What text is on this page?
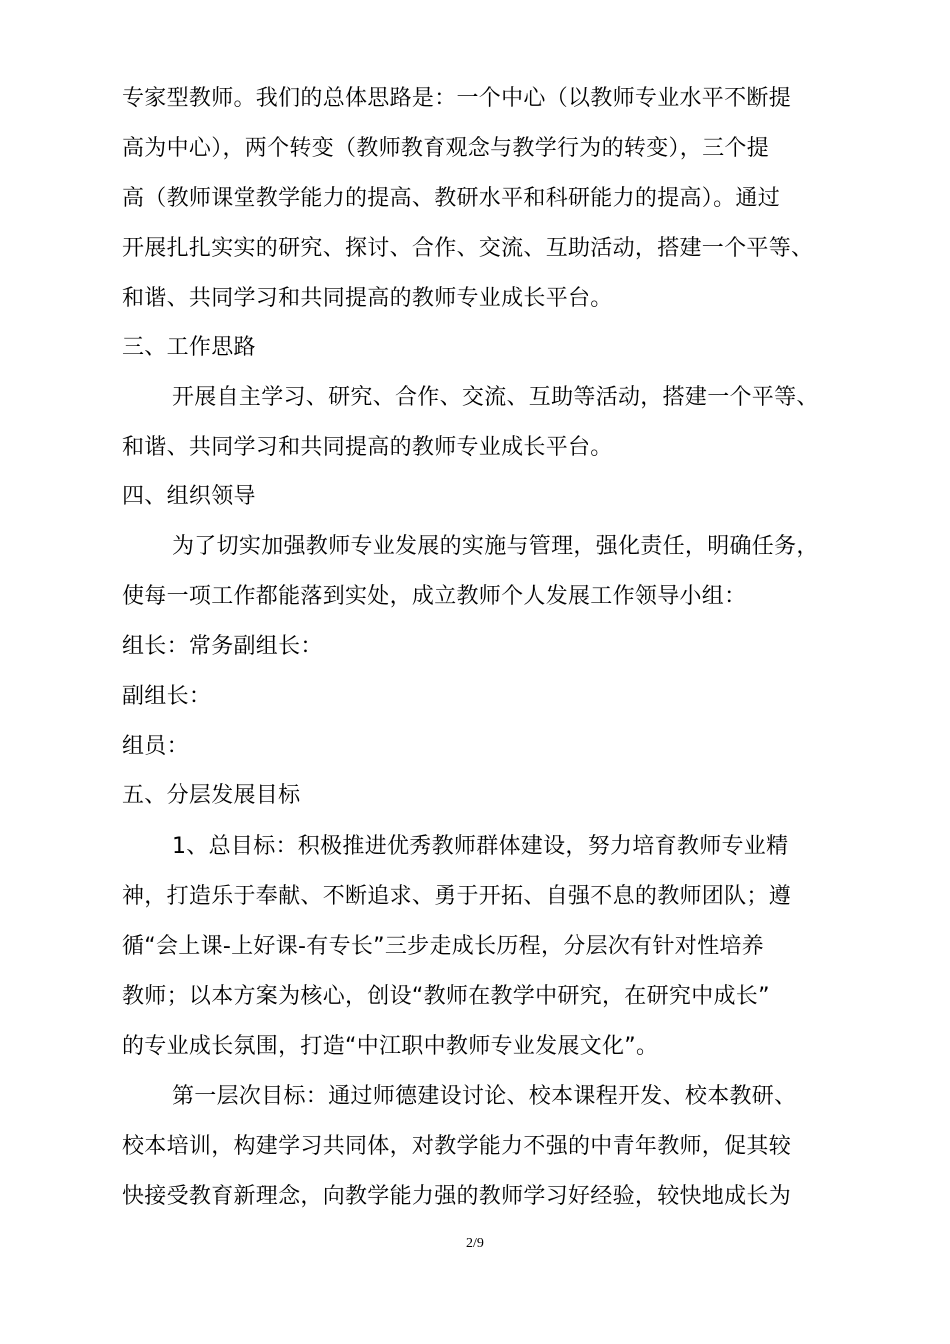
专家型教师。我们的总体思路是：一个中心（以教师专业水平不断提
高为中心），两个转变（教师教育观念与教学行为的转变），三个提
高（教师课堂教学能力的提高、教研水平和科研能力的提高）。通过
开展扎扎实实的研究、探讨、合作、交流、互助活动，搭建一个平等、
和谐、共同学习和共同提高的教师专业成长平台。
三、工作思路
开展自主学习、研究、合作、交流、互助等活动，搭建一个平等、
和谐、共同学习和共同提高的教师专业成长平台。
四、组织领导
为了切实加强教师专业发展的实施与管理，强化责任，明确任务，
使每一项工作都能落到实处，成立教师个人发展工作领导小组：
组长：常务副组长：
副组长：
组员：
五、分层发展目标
1、总目标：积极推进优秀教师群体建设，努力培育教师专业精
神，打造乐于奉献、不断追求、勇于开拓、自强不息的教师团队；遵
循“会上课-上好课-有专长”三步走成长历程，分层次有针对性培养
教师；以本方案为核心，创设“教师在教学中研究，在研究中成长”
的专业成长氛围，打造“中江职中教师专业发展文化”。
第一层次目标：通过师德建设讨论、校本课程开发、校本教研、
校本培训，构建学习共同体，对教学能力不强的中青年教师，促其较
快接受教育新理念，向教学能力强的教师学习好经验，较快地成长为
2/9
